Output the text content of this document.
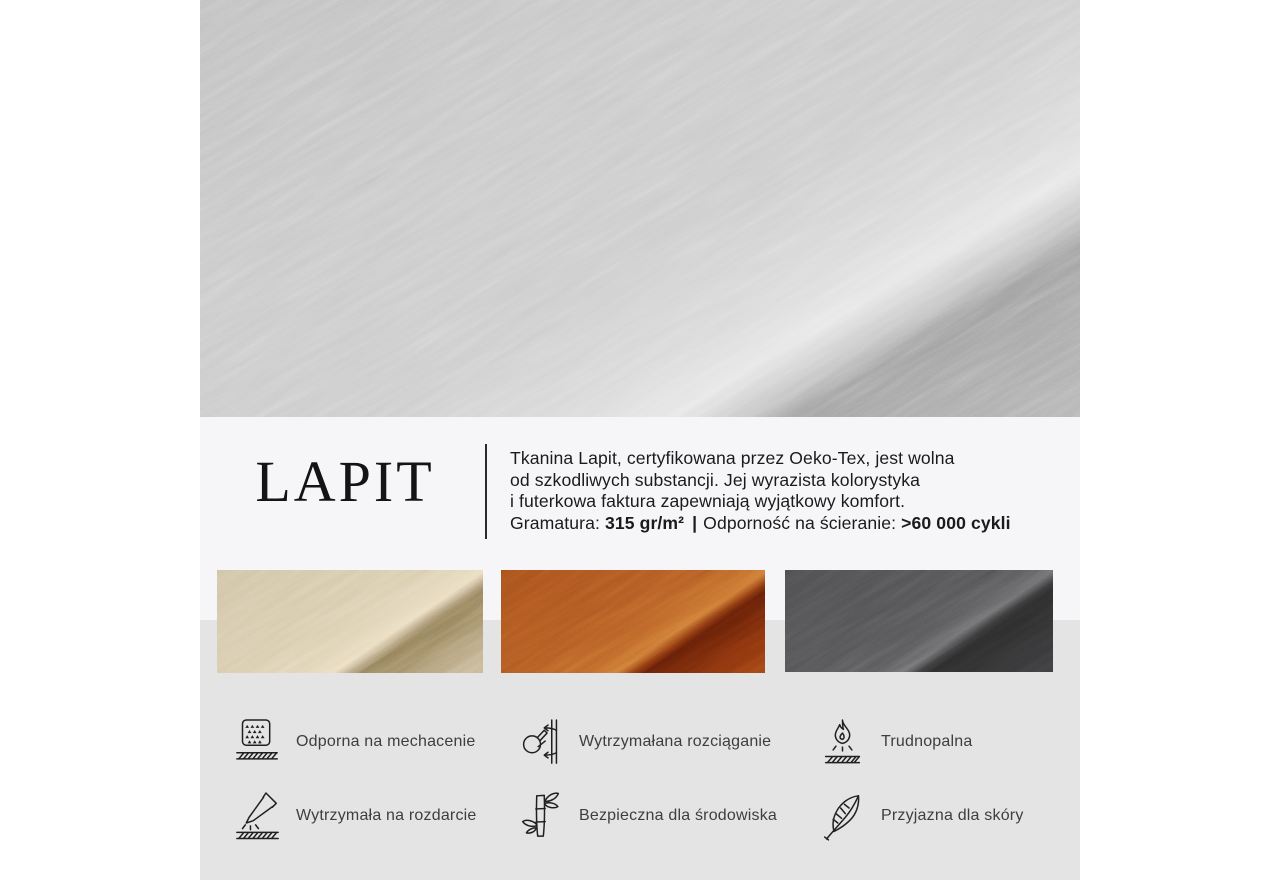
LAPIT	Tkanina Lapit, certyfikowana przez Oeko-Tex, jest wolna
od szkodliwych substancji. Jej wyrazista kolorystyka
i futerkowa faktura zapewniają wyjątkowy komfort.
Gramatura: 315 gr/m² | Odporność na ścieranie: >60 000 cykli
Odporna na mechacenie	Wytrzymałana rozciąganie	Trudnopalna
Wytrzymała na rozdarcie	Bezpieczna dla środowiska	Przyjazna dla skóry
